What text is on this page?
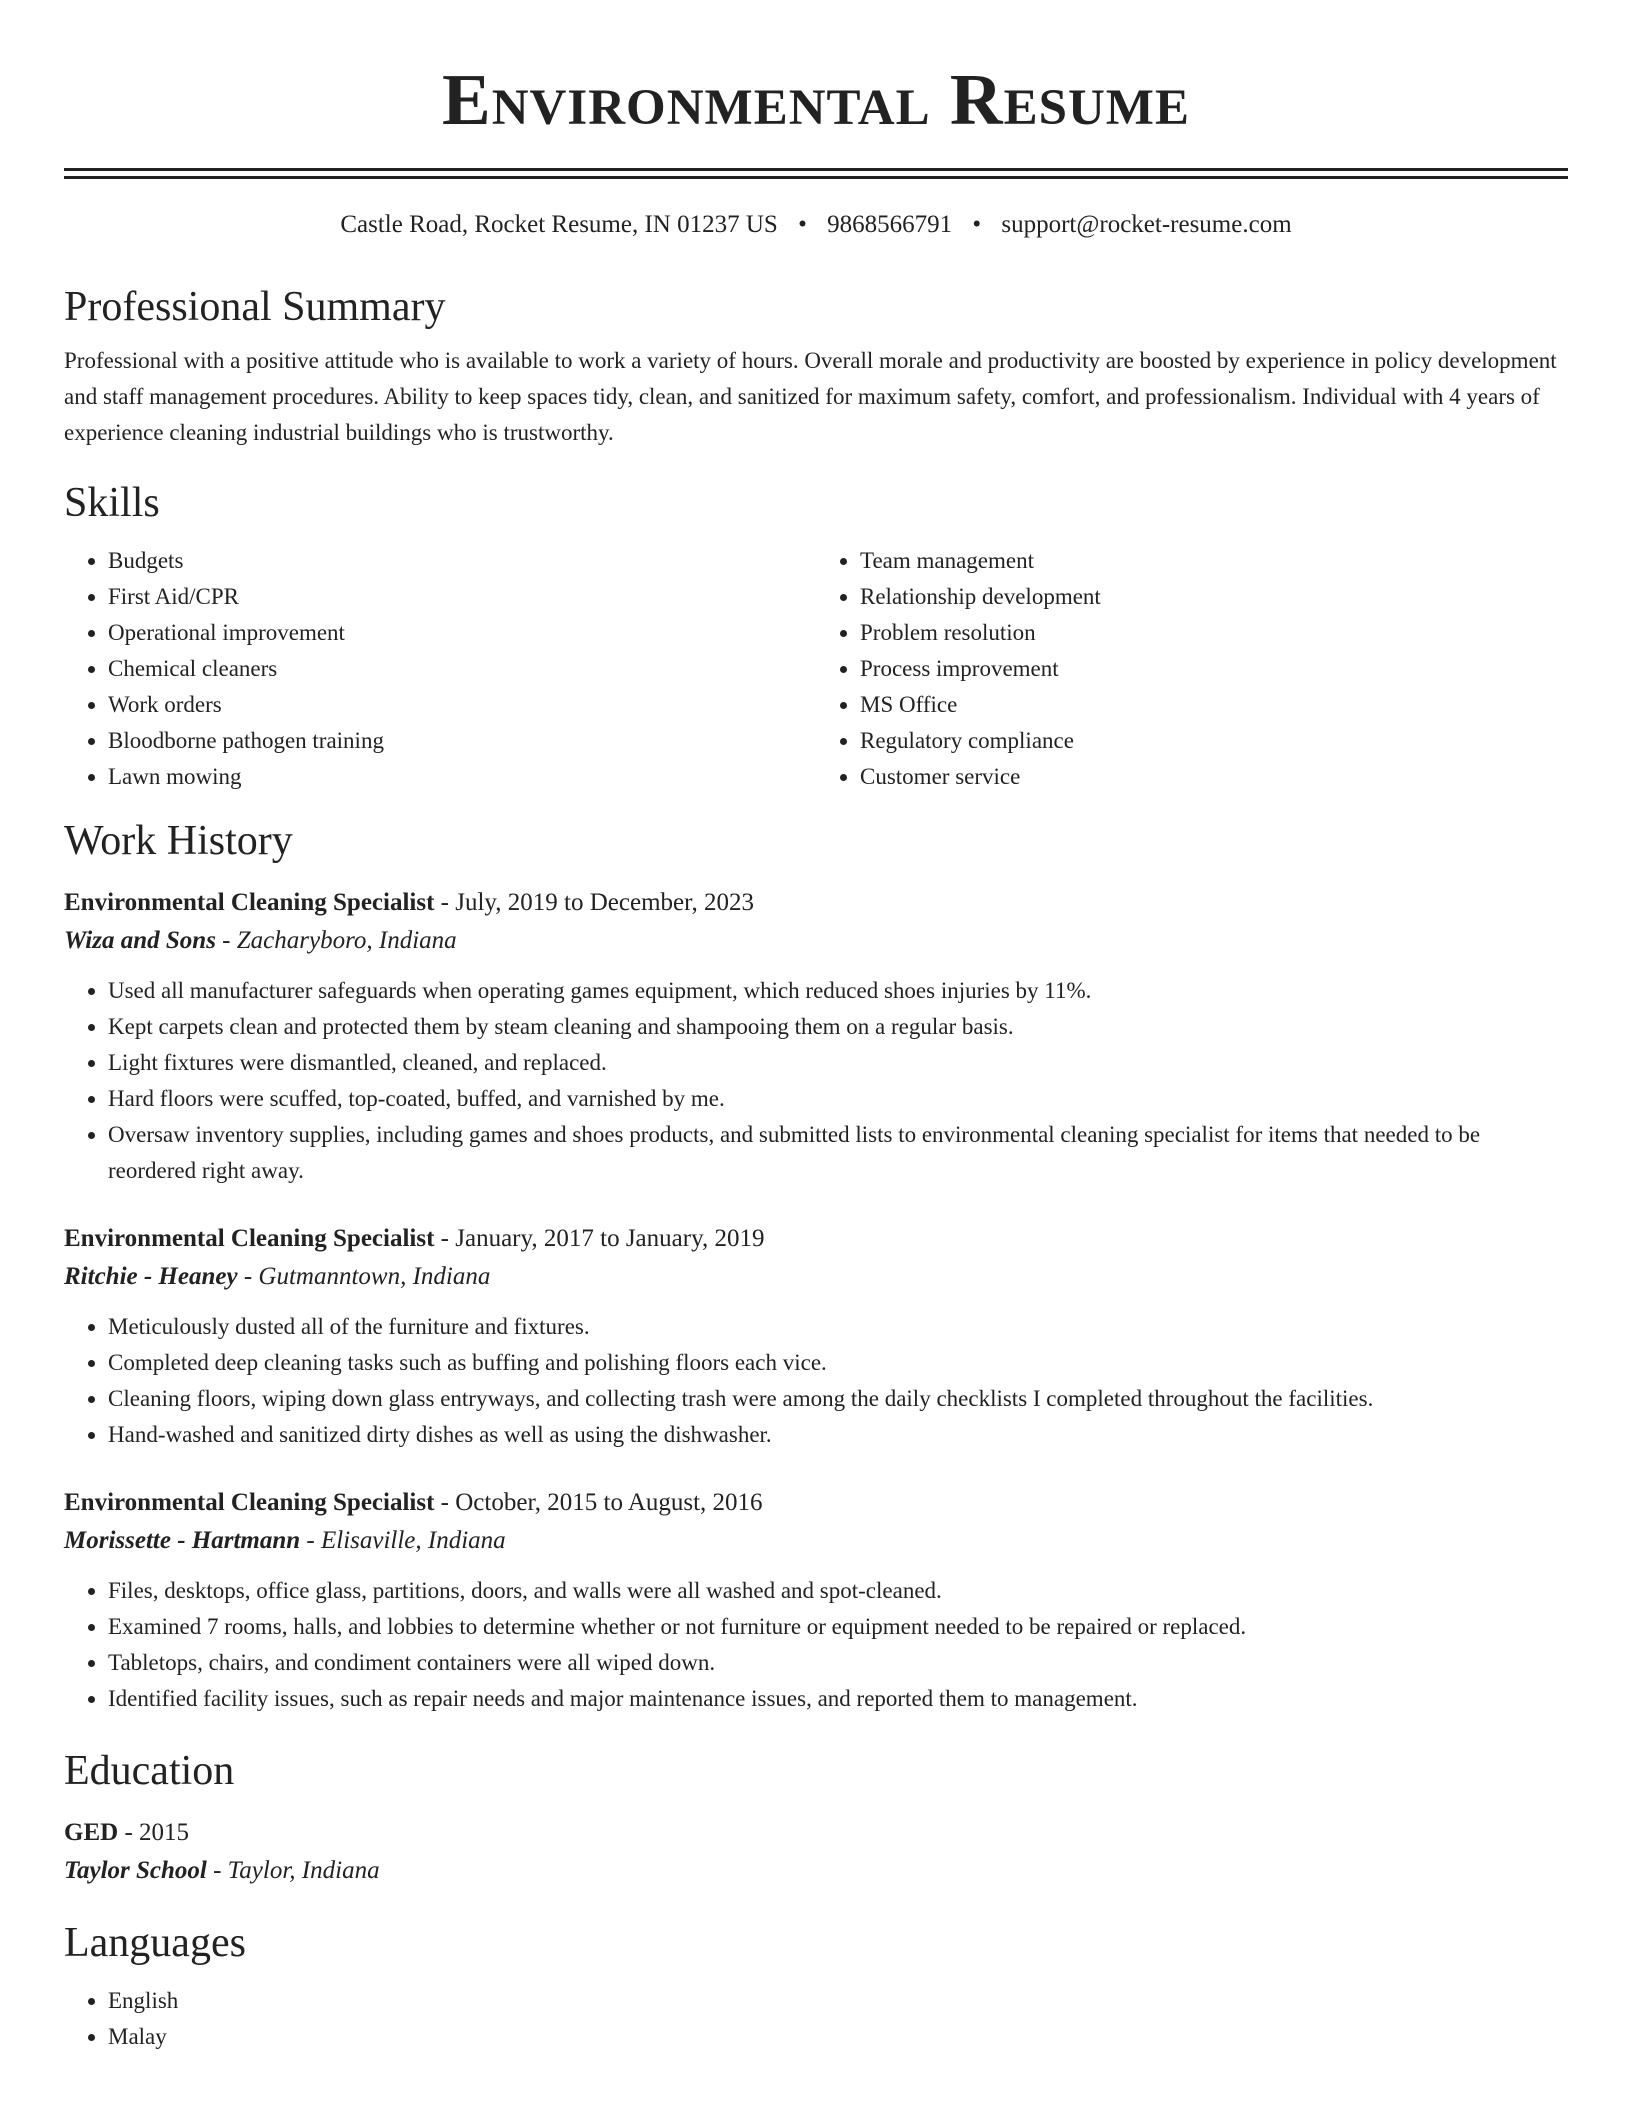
Environmental Resume
Castle Road, Rocket Resume, IN 01237 US • 9868566791 • support@rocket-resume.com
Professional Summary

Professional with a positive attitude who is available to work a variety of hours. Overall morale and productivity are boosted by experience in policy development and staff management procedures. Ability to keep spaces tidy, clean, and sanitized for maximum safety, comfort, and professionalism. Individual with 4 years of experience cleaning industrial buildings who is trustworthy.

Skills
• Budgets
• First Aid/CPR
• Operational improvement
• Chemical cleaners
• Work orders
• Bloodborne pathogen training
• Lawn mowing
• Team management
• Relationship development
• Problem resolution
• Process improvement
• MS Office
• Regulatory compliance
• Customer service
Work History
Environmental Cleaning Specialist - July, 2019 to December, 2023
Wiza and Sons - Zacharyboro, Indiana
• Used all manufacturer safeguards when operating games equipment, which reduced shoes injuries by 11%.
• Kept carpets clean and protected them by steam cleaning and shampooing them on a regular basis.
• Light fixtures were dismantled, cleaned, and replaced.
• Hard floors were scuffed, top-coated, buffed, and varnished by me.
• Oversaw inventory supplies, including games and shoes products, and submitted lists to environmental cleaning specialist for items that needed to be reordered right away.
Environmental Cleaning Specialist - January, 2017 to January, 2019
Ritchie - Heaney - Gutmanntown, Indiana
• Meticulously dusted all of the furniture and fixtures.
• Completed deep cleaning tasks such as buffing and polishing floors each vice.
• Cleaning floors, wiping down glass entryways, and collecting trash were among the daily checklists I completed throughout the facilities.
• Hand-washed and sanitized dirty dishes as well as using the dishwasher.
Environmental Cleaning Specialist - October, 2015 to August, 2016
Morissette - Hartmann - Elisaville, Indiana
• Files, desktops, office glass, partitions, doors, and walls were all washed and spot-cleaned.
• Examined 7 rooms, halls, and lobbies to determine whether or not furniture or equipment needed to be repaired or replaced.
• Tabletops, chairs, and condiment containers were all wiped down.
• Identified facility issues, such as repair needs and major maintenance issues, and reported them to management.
Education
GED - 2015
Taylor School - Taylor, Indiana
Languages
• English
• Malay
